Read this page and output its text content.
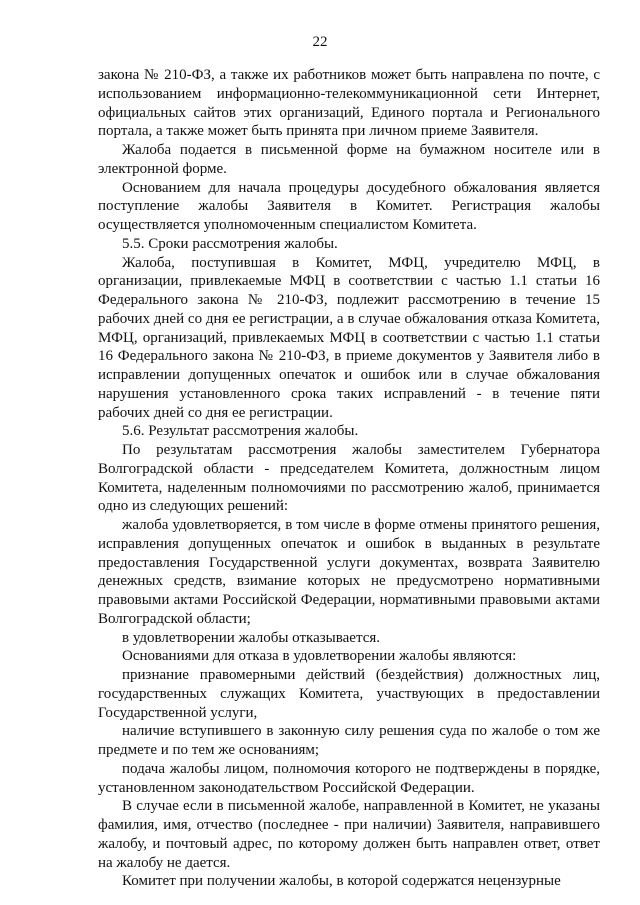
22

закона № 210-ФЗ, а также их работников может быть направлена по почте, с использованием информационно-телекоммуникационной сети Интернет, официальных сайтов этих организаций, Единого портала и Регионального портала, а также может быть принята при личном приеме Заявителя.

Жалоба подается в письменной форме на бумажном носителе или в электронной форме.

Основанием для начала процедуры досудебного обжалования является поступление жалобы Заявителя в Комитет. Регистрация жалобы осуществляется уполномоченным специалистом Комитета.

5.5. Сроки рассмотрения жалобы.

Жалоба, поступившая в Комитет, МФЦ, учредителю МФЦ, в организации, привлекаемые МФЦ в соответствии с частью 1.1 статьи 16 Федерального закона № 210-ФЗ, подлежит рассмотрению в течение 15 рабочих дней со дня ее регистрации, а в случае обжалования отказа Комитета, МФЦ, организаций, привлекаемых МФЦ в соответствии с частью 1.1 статьи 16 Федерального закона № 210-ФЗ, в приеме документов у Заявителя либо в исправлении допущенных опечаток и ошибок или в случае обжалования нарушения установленного срока таких исправлений - в течение пяти рабочих дней со дня ее регистрации.

5.6. Результат рассмотрения жалобы.

По результатам рассмотрения жалобы заместителем Губернатора Волгоградской области - председателем Комитета, должностным лицом Комитета, наделенным полномочиями по рассмотрению жалоб, принимается одно из следующих решений:

жалоба удовлетворяется, в том числе в форме отмены принятого решения, исправления допущенных опечаток и ошибок в выданных в результате предоставления Государственной услуги документах, возврата Заявителю денежных средств, взимание которых не предусмотрено нормативными правовыми актами Российской Федерации, нормативными правовыми актами Волгоградской области;

в удовлетворении жалобы отказывается.

Основаниями для отказа в удовлетворении жалобы являются:

признание правомерными действий (бездействия) должностных лиц, государственных служащих Комитета, участвующих в предоставлении Государственной услуги,

наличие вступившего в законную силу решения суда по жалобе о том же предмете и по тем же основаниям;

подача жалобы лицом, полномочия которого не подтверждены в порядке, установленном законодательством Российской Федерации.

В случае если в письменной жалобе, направленной в Комитет, не указаны фамилия, имя, отчество (последнее - при наличии) Заявителя, направившего жалобу, и почтовый адрес, по которому должен быть направлен ответ, ответ на жалобу не дается.

Комитет при получении жалобы, в которой содержатся нецензурные
